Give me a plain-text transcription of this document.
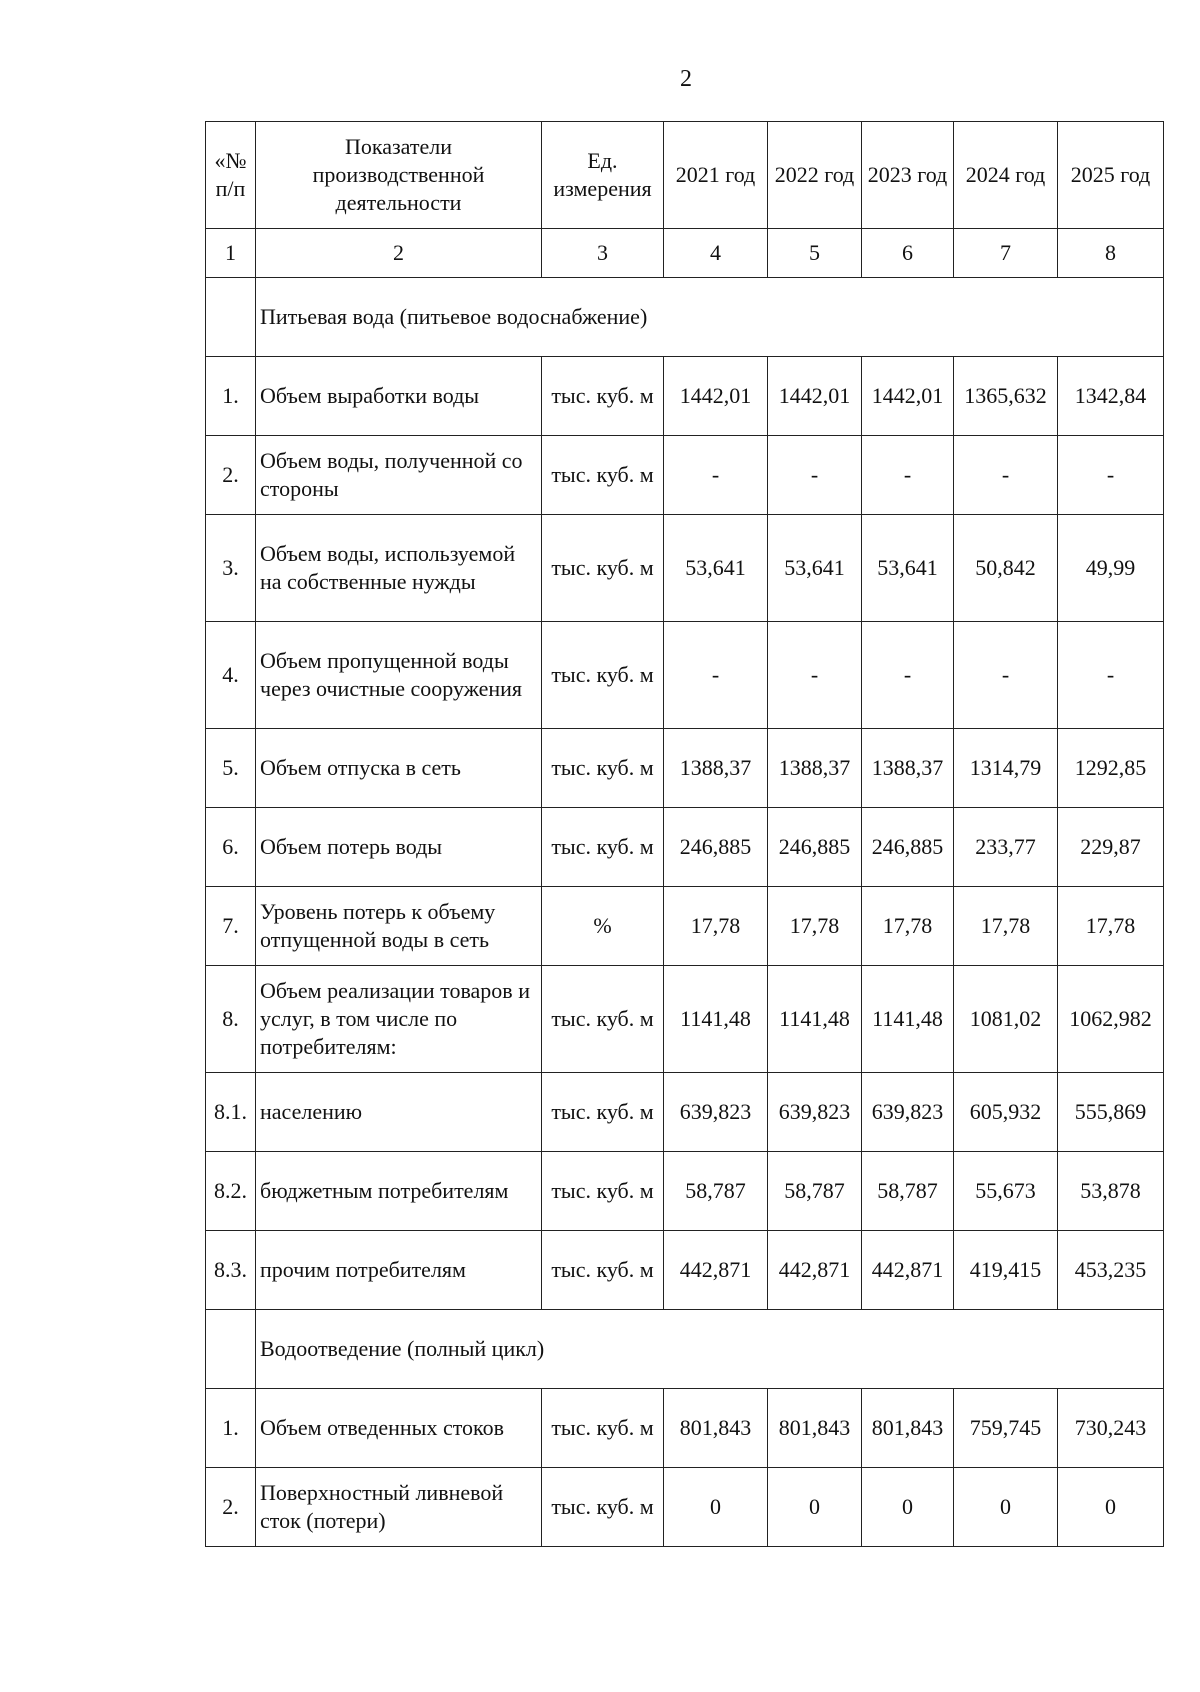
2
«№ п/п	Показатели производственной деятельности	Ед. измерения	2021 год	2022 год	2023 год	2024 год	2025 год
1	2	3	4	5	6	7	8
	Питьевая вода (питьевое водоснабжение)						
1.	Объем выработки воды	тыс. куб. м	1442,01	1442,01	1442,01	1365,632	1342,84
2.	Объем воды, полученной со стороны	тыс. куб. м	-	-	-	-	-
3.	Объем воды, используемой на собственные нужды	тыс. куб. м	53,641	53,641	53,641	50,842	49,99
4.	Объем пропущенной воды через очистные сооружения	тыс. куб. м	-	-	-	-	-
5.	Объем отпуска в сеть	тыс. куб. м	1388,37	1388,37	1388,37	1314,79	1292,85
6.	Объем потерь воды	тыс. куб. м	246,885	246,885	246,885	233,77	229,87
7.	Уровень потерь к объему отпущенной воды в сеть	%	17,78	17,78	17,78	17,78	17,78
8.	Объем реализации товаров и услуг, в том числе по потребителям:	тыс. куб. м	1141,48	1141,48	1141,48	1081,02	1062,982
8.1.	населению	тыс. куб. м	639,823	639,823	639,823	605,932	555,869
8.2.	бюджетным потребителям	тыс. куб. м	58,787	58,787	58,787	55,673	53,878
8.3.	прочим потребителям	тыс. куб. м	442,871	442,871	442,871	419,415	453,235
	Водоотведение (полный цикл)						
1.	Объем отведенных стоков	тыс. куб. м	801,843	801,843	801,843	759,745	730,243
2.	Поверхностный ливневой сток (потери)	тыс. куб. м	0	0	0	0	0
